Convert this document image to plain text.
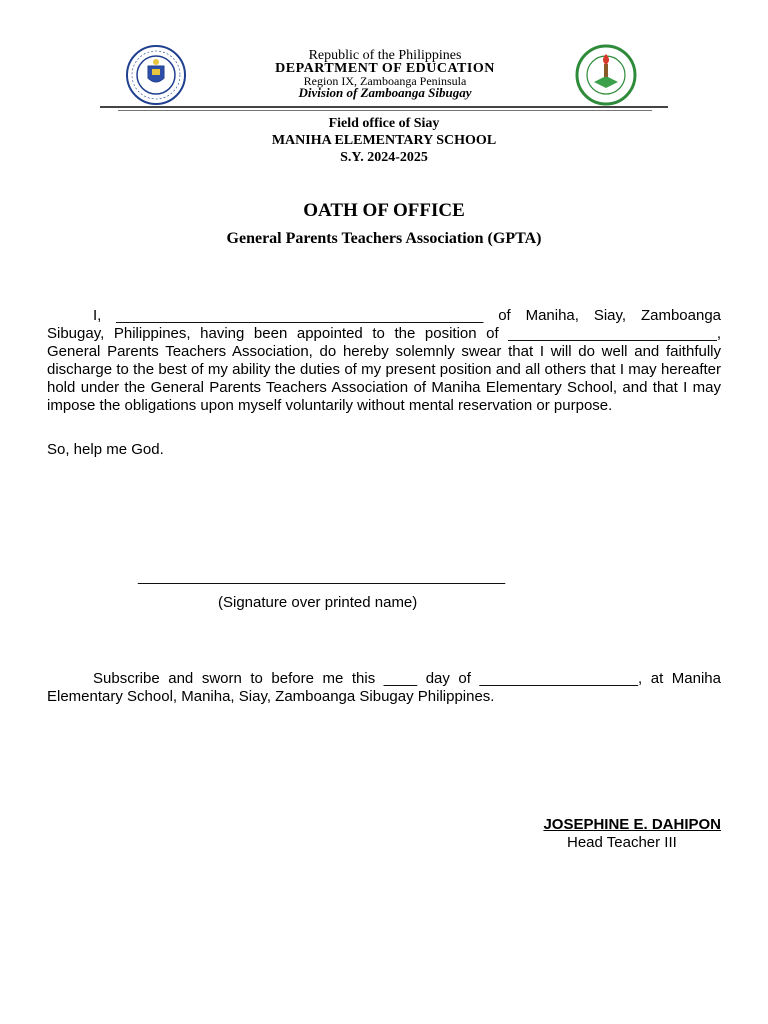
Republic of the Philippines
DEPARTMENT OF EDUCATION
Region IX, Zamboanga Peninsula
Division of Zamboanga Sibugay
Field office of Siay
MANIHA ELEMENTARY SCHOOL
S.Y. 2024-2025
OATH OF OFFICE
General Parents Teachers Association (GPTA)
I, ____________________________________________ of Maniha, Siay, Zamboanga Sibugay, Philippines, having been appointed to the position of _________________________, General Parents Teachers Association, do hereby solemnly swear that I will do well and faithfully discharge to the best of my ability the duties of my present position and all others that I may hereafter hold under the General Parents Teachers Association of Maniha Elementary School, and that I may impose the obligations upon myself voluntarily without mental reservation or purpose.
So, help me God.
____________________________________________
(Signature over printed name)
Subscribe and sworn to before me this ____ day of ___________________, at Maniha Elementary School, Maniha, Siay, Zamboanga Sibugay Philippines.
JOSEPHINE E. DAHIPON
Head Teacher III
